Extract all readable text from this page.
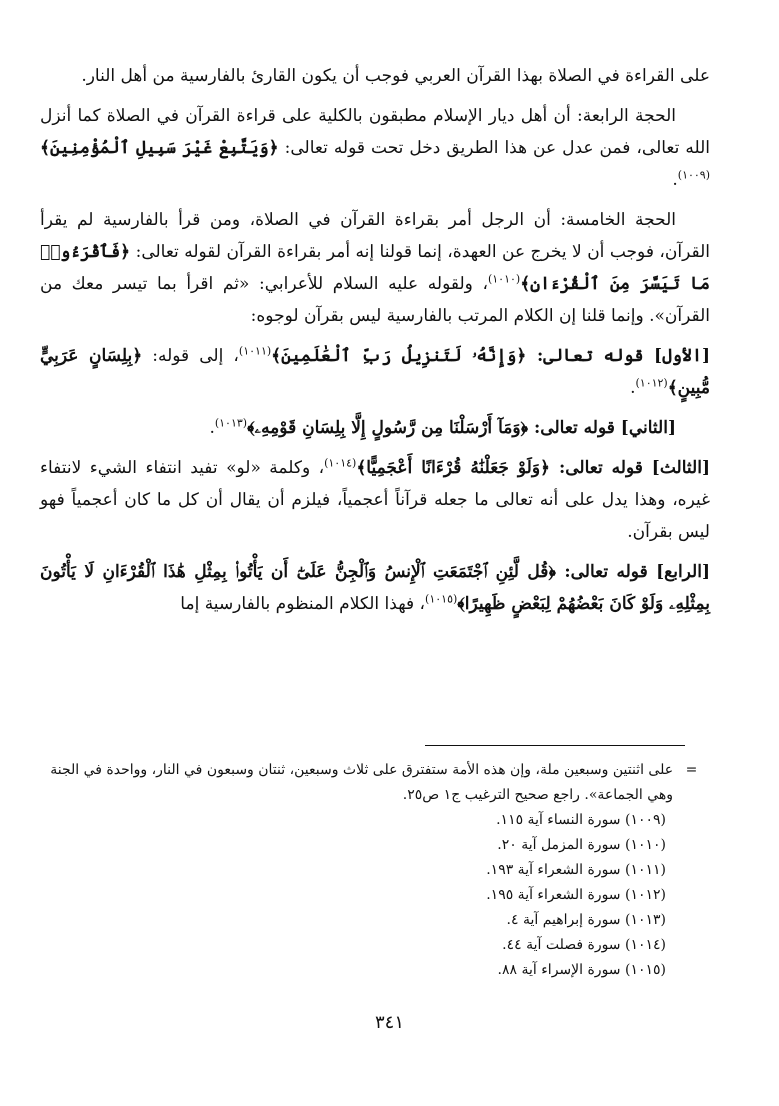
على القراءة في الصلاة بهذا القرآن العربي فوجب أن يكون القارئ بالفارسية من أهل النار.

الحجة الرابعة: أن أهل ديار الإسلام مطبقون بالكلية على قراءة القرآن في الصلاة كما أنزل الله تعالى، فمن عدل عن هذا الطريق دخل تحت قوله تعالى: ﴿وَيَتَّبِعْ غَيْرَ سَبِيلِ ٱلْمُؤْمِنِينَ﴾$^{(١٠٠٩)}$.

الحجة الخامسة: أن الرجل أمر بقراءة القرآن في الصلاة، ومن قرأ بالفارسية لم يقرأ القرآن، فوجب أن لا يخرج عن العهدة، إنما قولنا إنه أمر بقراءة القرآن لقوله تعالى: ﴿فَٱقْرَءُوا۟ مَا تَيَسَّرَ مِنَ ٱلْقُرْءَانِ﴾$^{(١٠١٠)}$، ولقوله عليه السلام للأعرابي: «ثم اقرأ بما تيسر معك من القرآن». وإنما قلنا إن الكلام المرتب بالفارسية ليس بقرآن لوجوه:

[الأول] قوله تعالى: ﴿وَإِنَّهُۥ لَتَنزِيلُ رَبِّ ٱلْعَٰلَمِينَ﴾$^{(١٠١١)}$، إلى قوله: ﴿بِلِسَانٍ عَرَبِيٍّ مُّبِينٍ﴾$^{(١٠١٢)}$.

[الثاني] قوله تعالى: ﴿وَمَآ أَرْسَلْنَا مِن رَّسُولٍ إِلَّا بِلِسَانِ قَوْمِهِۦ﴾$^{(١٠١٣)}$.

[الثالث] قوله تعالى: ﴿وَلَوْ جَعَلْنَٰهُ قُرْءَانًا أَعْجَمِيًّا﴾$^{(١٠١٤)}$، وكلمة «لو» تفيد انتفاء الشيء لانتفاء غيره، وهذا يدل على أنه تعالى ما جعله قرآناً أعجمياً، فيلزم أن يقال أن كل ما كان أعجمياً فهو ليس بقرآن.

[الرابع] قوله تعالى: ﴿قُل لَّئِنِ ٱجْتَمَعَتِ ٱلْإِنسُ وَٱلْجِنُّ عَلَىٰٓ أَن يَأْتُوا۟ بِمِثْلِ هَٰذَا ٱلْقُرْءَانِ لَا يَأْتُونَ بِمِثْلِهِۦ وَلَوْ كَانَ بَعْضُهُمْ لِبَعْضٍ ظَهِيرًا﴾$^{(١٠١٥)}$، فهذا الكلام المنظوم بالفارسية إما

=
على اثنتين وسبعين ملة، وإن هذه الأمة ستفترق على ثلاث وسبعين، ثنتان وسبعون في النار، وواحدة في الجنة وهي الجماعة». راجع صحيح الترغيب ج١ ص٢٥.

(١٠٠٩) سورة النساء آية ١١٥.

(١٠١٠) سورة المزمل آية ٢٠.

(١٠١١) سورة الشعراء آية ١٩٣.

(١٠١٢) سورة الشعراء آية ١٩٥.

(١٠١٣) سورة إبراهيم آية ٤.

(١٠١٤) سورة فصلت آية ٤٤.

(١٠١٥) سورة الإسراء آية ٨٨.

٣٤١
